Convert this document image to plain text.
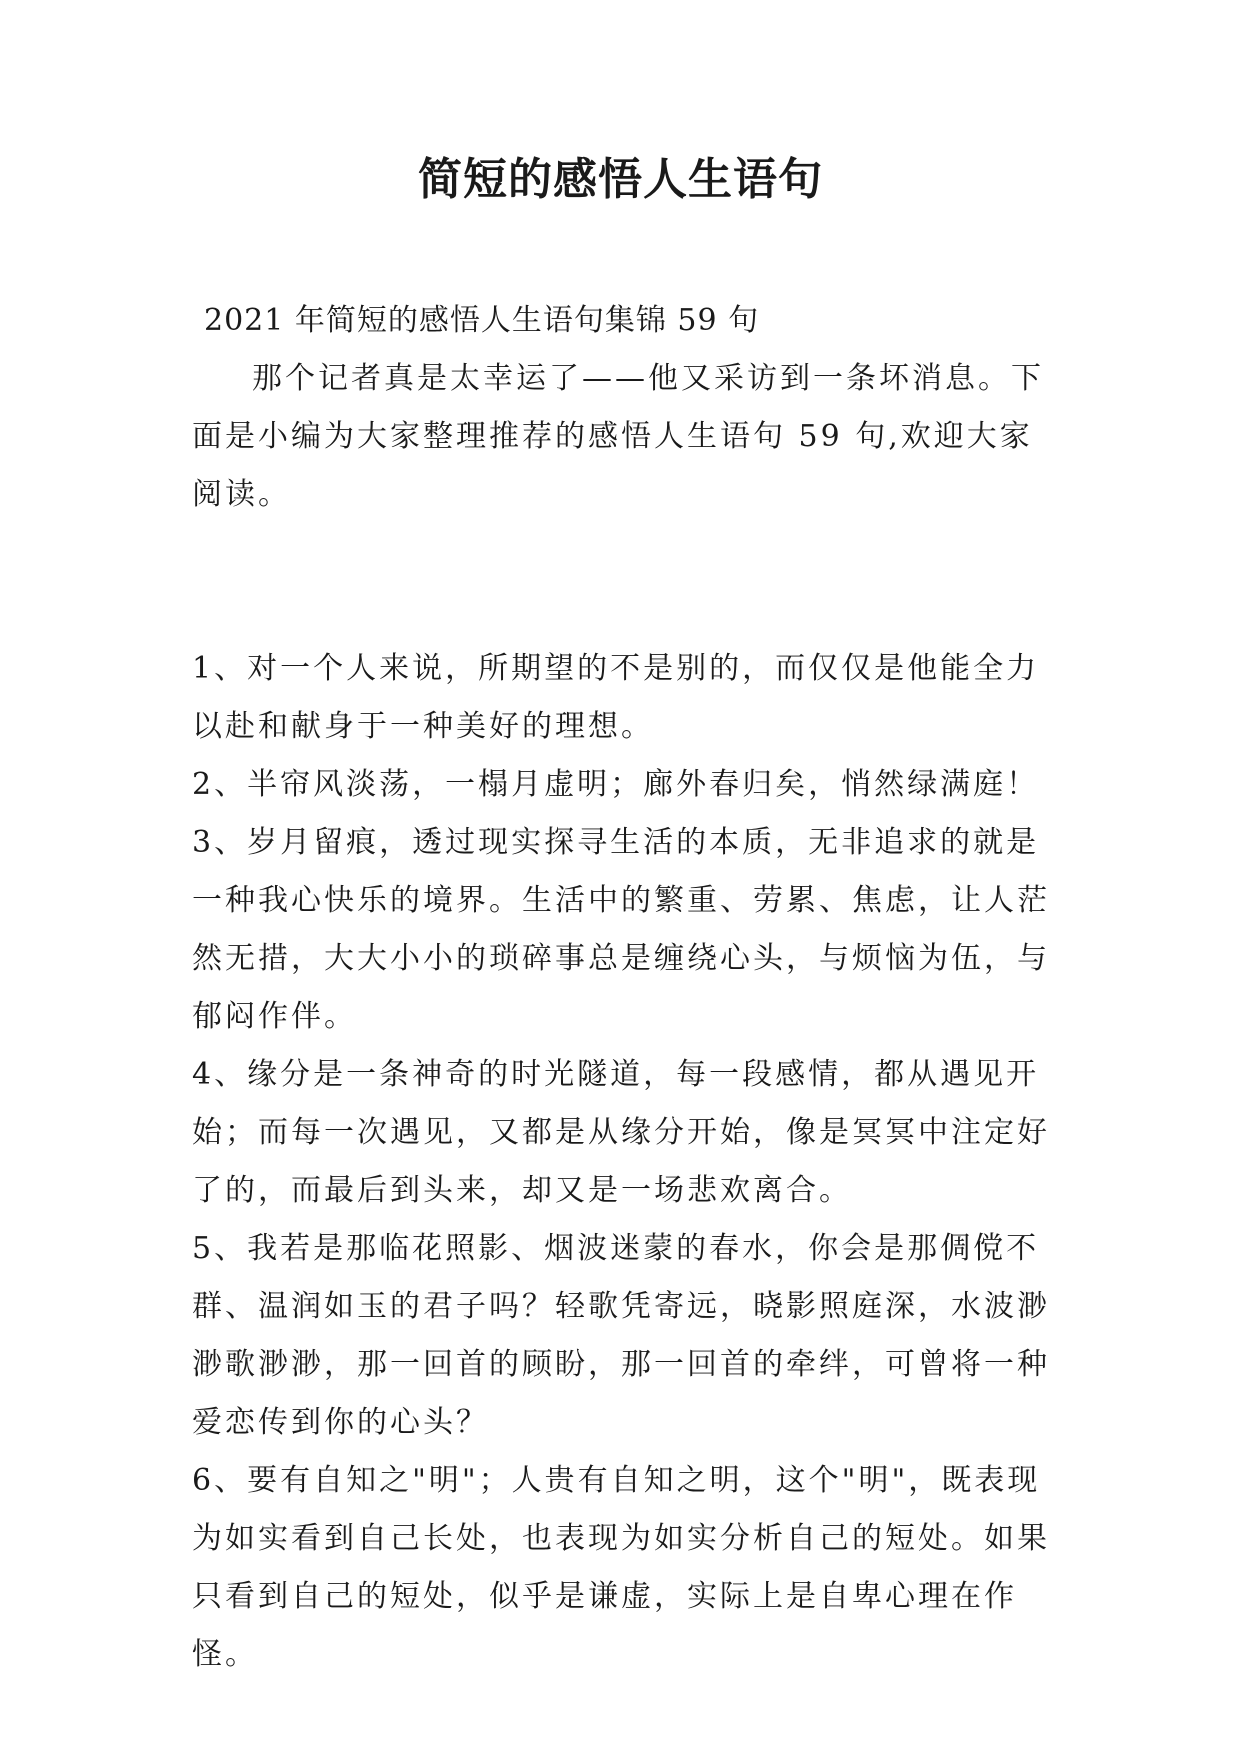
简短的感悟人生语句

2021 年简短的感悟人生语句集锦 59 句

那个记者真是太幸运了——他又采访到一条坏消息。下面是小编为大家整理推荐的感悟人生语句 59 句,欢迎大家阅读。

1、对一个人来说，所期望的不是别的，而仅仅是他能全力以赴和献身于一种美好的理想。

2、半帘风淡荡，一榻月虚明；廊外春归矣，悄然绿满庭！

3、岁月留痕，透过现实探寻生活的本质，无非追求的就是一种我心快乐的境界。生活中的繁重、劳累、焦虑，让人茫然无措，大大小小的琐碎事总是缠绕心头，与烦恼为伍，与郁闷作伴。

4、缘分是一条神奇的时光隧道，每一段感情，都从遇见开始；而每一次遇见，又都是从缘分开始，像是冥冥中注定好了的，而最后到头来，却又是一场悲欢离合。

5、我若是那临花照影、烟波迷蒙的春水，你会是那倜傥不群、温润如玉的君子吗？轻歌凭寄远，晓影照庭深，水波渺渺歌渺渺，那一回首的顾盼，那一回首的牵绊，可曾将一种爱恋传到你的心头？

6、要有自知之"明"；人贵有自知之明，这个"明"，既表现为如实看到自己长处，也表现为如实分析自己的短处。如果只看到自己的短处，似乎是谦虚，实际上是自卑心理在作怪。
